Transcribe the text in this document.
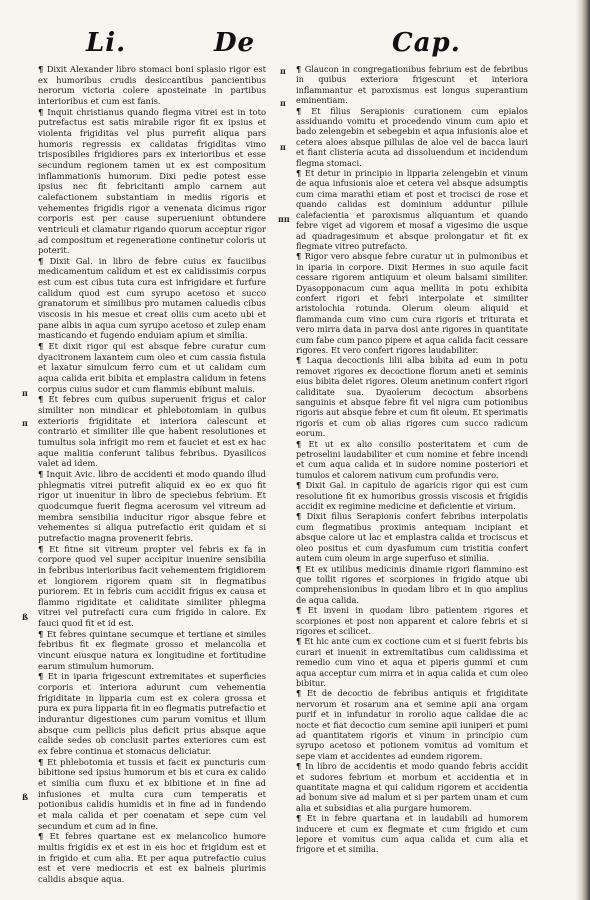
Li.	De	Cap.
π
π
ß
ß
π
π
π
ππ

¶ Dixit Alexander libro stomaci boni splasio rigor est ex humoribus crudis desiccantibus pancientibus nerorum victoria colere aposteinate in partibus interioribus et cum est fanis.

¶ Inquit christianus quando flegma vitrei est in toto putrefactus est satis mirabile rigor fit ex ipsius et violenta frigiditas vel plus purrefit aliqua pars humoris regressis ex calidatas frigiditas vimo trisposibiles frigidiores pars ex interioribus et esse secundum regionem tamen ut ex est compositum inflammationis humorum. Dixi pedie potest esse ipsius nec fit febricitanti amplo carnem aut calefactionem substantiam in mediis rigoris et vehementes frigidis rigor a venenata dicimus rigor corporis est per cause superueniunt obtundere ventriculi et clamatur rigando quorum acceptur rigor ad compositum et regeneratione continetur coloris ut poterit.

¶ Dixit Gal. in libro de febre cuius ex fauciibus medicamentum calidum et est ex calidissimis corpus est cum est cibus tuta cura est infrigidare et furfure calidum quod est cum syrupo acetoso et succo granatorum et similibus pro mutamen caluedis cibus viscosis in his mesue et creat oliis cum aceto ubi et pane albis in aqua cum syrupo acetoso et zulep enam masticando et fugendo enduiam apium et similia.

¶ Et dixit rigor qui est absque febre curatur cum dyacitronem laxantem cum oleo et cum cassia fistula et laxatur simulcum ferro cum et ut calidam cum aqua calida erit bibita et emplastra calidum in fetens corpus cuius sudor et cum flammis ebibunt maluis.

¶ Et febres cum quibus superuenit frigus et calor similiter non mindicar et phlebotomiam in quibus exterioris frigiditate et interiora calescunt et contrario et similiter ille que habent resolutiones et tumultus sola infrigit mo rem et fauciet et est ex hac aque malitia conferunt talibus febribus. Dyasilicos valet ad idem.

¶ Inquit Avic. libro de accidenti et modo quando illud phlegmatis vitrei putrefit aliquid ex eo ex quo fit rigor ut inuenitur in libro de speciebus febrium. Et quodcumque fuerit flegma acerosum vel vitreum ad membra sensibilia inducitur rigor absque febre et vehementes si aliqua putrefactio erit quidam et si putrefactio magna provenerit febris.

¶ Et fitne sit vitreum propter vel febris ex fa in corpore quod vel super accipitur inuenire sensibilia in febribus interioribus facit vehementem frigidiorem et longiorem rigorem quam sit in flegmatibus puriorem. Et in febris cum accidit frigus ex causa et flammo rigiditate et caliditate similiter phlegma vitrei vel putrefacti cura cum frigido in calore. Ex fauci quod fit et id est.

¶ Et febres quintane secumque et tertiane et similes febribus fit ex flegmate grosso et melancolia et vincunt eiusque natura ex longitudine et fortitudine earum stimulum humorum.

¶ Et in iparia frigescunt extremitates et superficies corporis et interiora adurunt cum vehementia frigiditate in lipparia cum est ex colera grossa et pura ex pura lipparia fit in eo flegmatis putrefactio et indurantur digestiones cum parum vomitus et illum absque cum pellicis plus deficit prius absque aque calide sedes ob conclusit partes exteriores cum est ex febre continua et stomacus deliciatur.

¶ Et phlebotomia et tussis et facit ex puncturis cum bibitione sed ipsius humorum et bis et cura ex calido et similia cum fluxu et ex bibitione et in fine ad infusiones et multa cura cum temperatis et potionibus calidis humidis et in fine ad in fundendo et mala calida et per coenatam et sepe cum vel secundum et cum ad in fine.

¶ Et febres quartane est ex melancolico humore multis frigidis ex et est in eis hoc et frigidum est et in frigido et cum alia. Et per aqua putrefactio cuius est et vere mediocris et est ex balneis plurimis calidis absque aqua.

¶ Glaucon in congregationibus febrium est de febribus in quibus exteriora frigescunt et interiora inflammantur et paroxismus est longus superantium eminentiam.

¶ Et filius Serapionis curationem cum epialos assiduando vomitu et procedendo vinum cum apio et bado zelengebin et sebegebin et aqua infusionis aloe et cetera aloes absque pillulas de aloe vel de bacca lauri et fiant clisteria acuta ad dissoluendum et incidendum flegma stomaci.

¶ Et detur in principio in lipparia zelengebin et vinum de aqua infusionis aloe et cetera vel absque adsumptis cum cima marathi etiam et post et trocisci de rose et quando calidas est dominium adduntur pillule calefacientia et paroxismus aliquantum et quando febre viget ad vigorem et mosaf a vigesimo die usque ad quadragesimum et absque prolongatur et fit ex flegmate vitreo putrefacto.

¶ Rigor vero absque febre curatur ut in pulmonibus et in iparia in corpore. Dixit Hermes in suo aquile facit cessare rigorem antiquum et oleum balsami similiter. Dyasopponacum cum aqua mellita in potu exhibita confert rigori et febri interpolate et similiter aristolochia rotunda. Olerum oleum aliquid et flammanda cum vino cum cura rigoris et triturata et vero mirra data in parva dosi ante rigores in quantitate cum fabe cum panco pipere et aqua calida facit cessare rigores. Et vero confert rigores laudabiliter.

¶ Laqua decoctionis lilii alba bibita ad eum in potu removet rigores ex decoctione florum aneti et seminis eius bibita delet rigores. Oleum anetinum confert rigori caliditate sua. Dyaolerum decoctum absorbens sanguinis et absque febre fit vel nigra cum potionibus rigoris aut absque febre et cum fit oleum. Et sperimatis rigoris et cum ob alias rigores cum succo radicum eorum.

¶ Et ut ex alio consilio posteritatem et cum de petroselini laudabiliter et cum nomine et febre incendi et cum aqua calida et in sudore nomine posteriori et tumulos et calorem nativum cum profundis vero.

¶ Dixit Gal. in capitulo de agaricis rigor qui est cum resolutione fit ex humoribus grossis viscosis et frigidis accidit ex regimine medicine et deficientie et virium.

¶ Dixit filius Serapionis confert febribus interpolatis cum flegmatibus proximis antequam incipiant et absque calore ut lac et emplastra calida et trociscus et oleo positus et cum dyasfumum cum tristitia confert autem cum oleum in arge superfuso et similia.

¶ Et ex utilibus medicinis dinamie rigori flammino est que tollit rigores et scorpiones in frigido atque ubi comprehensionibus in quodam libro et in quo amplius de aqua calida.

¶ Et inveni in quodam libro patientem rigores et scorpiones et post non apparent et calore febris et si rigores et scilicet.

¶ Et hic ante cum ex coctione cum et si fuerit febris bis curari et inuenit in extremitatibus cum calidissima et remedio cum vino et aqua et piperis gummi et cum aqua acceptur cum mirra et in aqua calida et cum oleo bibitur.

¶ Et de decoctio de febribus antiquis et frigiditate nervorum et rosarum ana et semine apii ana orgam purif et in infundatur in rorolio aque calidae die ac nocte et fiat decoctio cum semine apii iuniperi et pumi ad quantitatem rigoris et vinum in principio cum syrupo acetoso et potionem vomitus ad vomitum et sepe viam et accidentes ad eundem rigorem.

¶ In libro de accidentis et modo quando febris accidit et sudores febrium et morbum et accidentia et in quantitate magna et qui calidum rigorem et accidentia ad bonum sive ad malum et si per partem unam et cum alia et subsidias et alia purgare humorem.

¶ Et in febre quartana et in laudabili ad humorem inducere et cum ex flegmate et cum frigido et cum lepore et vomitus cum aqua calida et cum alia et frigore et et similia.
